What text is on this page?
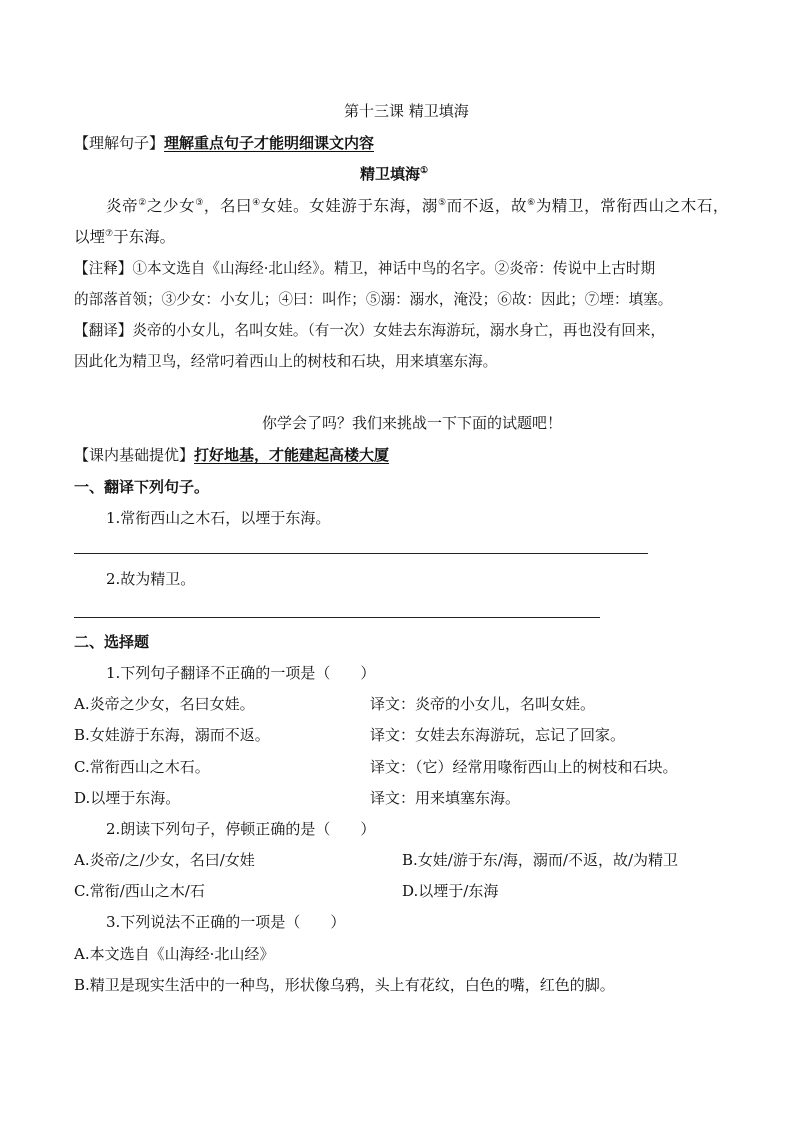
第十三课 精卫填海
【理解句子】理解重点句子才能明细课文内容
精卫填海①
炎帝②之少女③，名曰④女娃。女娃游于东海，溺⑤而不返，故⑥为精卫，常衔西山之木石，
以堙⑦于东海。
【注释】①本文选自《山海经·北山经》。精卫，神话中鸟的名字。②炎帝：传说中上古时期
的部落首领；③少女：小女儿；④曰：叫作；⑤溺：溺水，淹没；⑥故：因此；⑦堙：填塞。
【翻译】炎帝的小女儿，名叫女娃。（有一次）女娃去东海游玩，溺水身亡，再也没有回来，
因此化为精卫鸟，经常叼着西山上的树枝和石块，用来填塞东海。
你学会了吗？我们来挑战一下下面的试题吧！
【课内基础提优】打好地基，才能建起高楼大厦
一、翻译下列句子。
1.常衔西山之木石，以堙于东海。
2.故为精卫。
二、选择题
1.下列句子翻译不正确的一项是（　　）
A.炎帝之少女，名曰女娃。	译文：炎帝的小女儿，名叫女娃。
B.女娃游于东海，溺而不返。	译文：女娃去东海游玩，忘记了回家。
C.常衔西山之木石。	译文：（它）经常用喙衔西山上的树枝和石块。
D.以堙于东海。	译文：用来填塞东海。
2.朗读下列句子，停顿正确的是（　　）
A.炎帝/之/少女，名曰/女娃	B.女娃/游于东/海，溺而/不返，故/为精卫
C.常衔/西山之木/石	D.以堙于/东海
3.下列说法不正确的一项是（　　）
A.本文选自《山海经·北山经》
B.精卫是现实生活中的一种鸟，形状像乌鸦，头上有花纹，白色的嘴，红色的脚。
